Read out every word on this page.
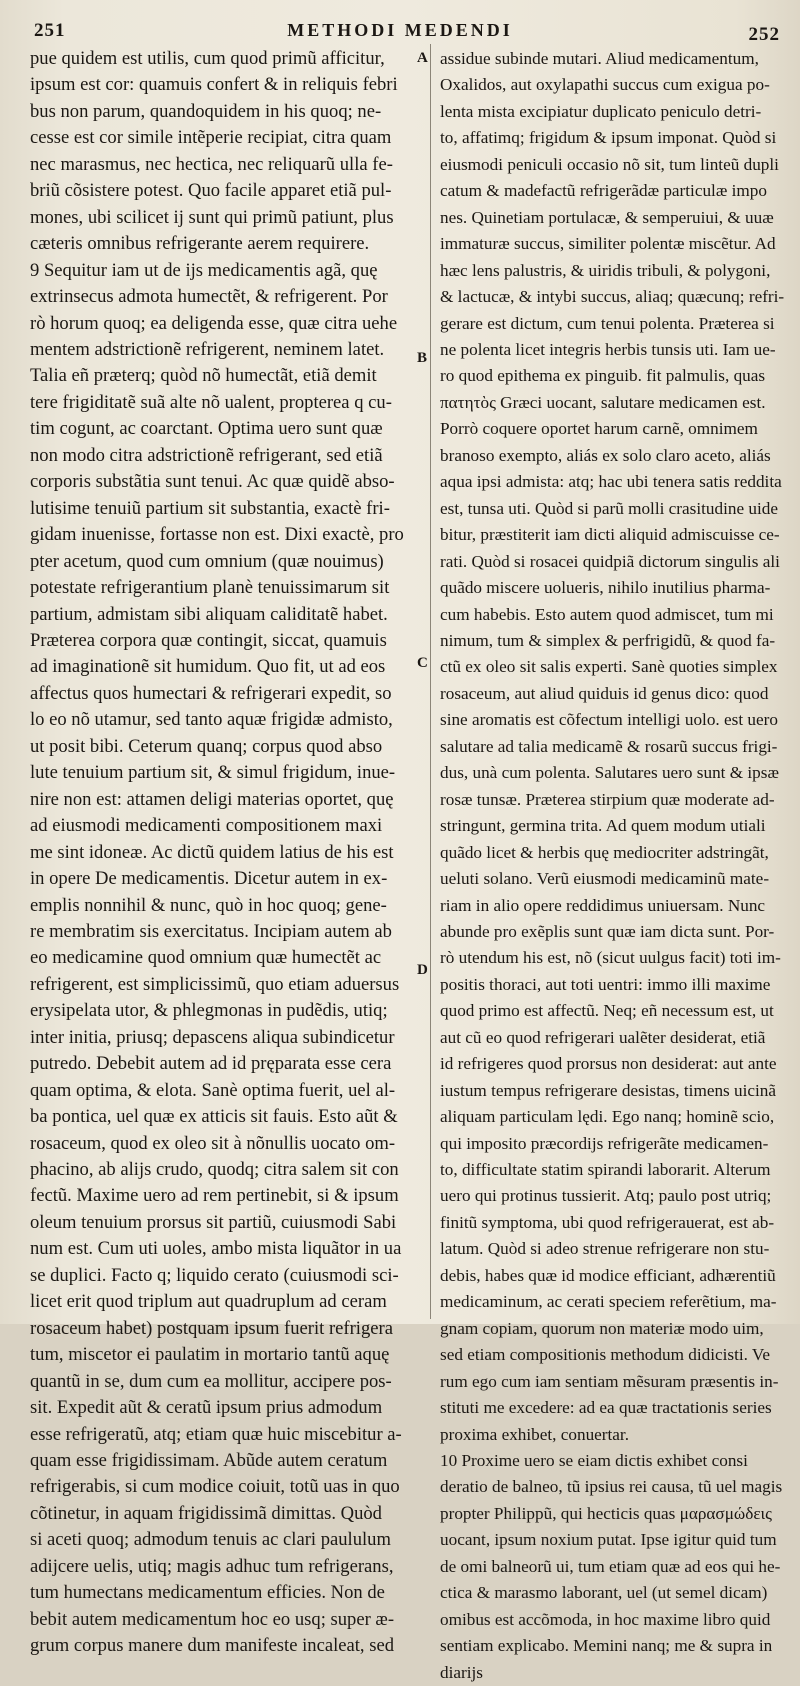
251	METHODI MEDENDI	252
A
B
C
D
pue quidem est utilis, cum quod primũ afficitur,
ipsum est cor: quamuis confert & in reliquis febri
bus non parum, quandoquidem in his quoq; ne-
cesse est cor simile intẽperie recipiat, citra quam
nec marasmus, nec hectica, nec reliquarũ ulla fe-
briũ cõsistere potest. Quo facile apparet etiã pul-
mones, ubi scilicet ij sunt qui primũ patiunt, plus
cæteris omnibus refrigerante aerem requirere.
9 Sequitur iam ut de ijs medicamentis agã, quę
extrinsecus admota humectẽt, & refrigerent. Por
rò horum quoq; ea deligenda esse, quæ citra uehe
mentem adstrictionẽ refrigerent, neminem latet.
Talia eñ præterq; quòd nõ humectãt, etiã demit
tere frigiditatẽ suã alte nõ ualent, propterea q cu-
tim cogunt, ac coarctant. Optima uero sunt quæ
non modo citra adstrictionẽ refrigerant, sed etiã
corporis substãtia sunt tenui. Ac quæ quidẽ abso-
lutisime tenuiũ partium sit substantia, exactè fri-
gidam inuenisse, fortasse non est. Dixi exactè, pro
pter acetum, quod cum omnium (quæ nouimus)
potestate refrigerantium planè tenuissimarum sit
partium, admistam sibi aliquam caliditatẽ habet.
Præterea corpora quæ contingit, siccat, quamuis
ad imaginationẽ sit humidum. Quo fit, ut ad eos
affectus quos humectari & refrigerari expedit, so
lo eo nõ utamur, sed tanto aquæ frigidæ admisto,
ut posit bibi. Ceterum quanq; corpus quod abso
lute tenuium partium sit, & simul frigidum, inue-
nire non est: attamen deligi materias oportet, quę
ad eiusmodi medicamenti compositionem maxi
me sint idoneæ. Ac dictũ quidem latius de his est
in opere De medicamentis. Dicetur autem in ex-
emplis nonnihil & nunc, quò in hoc quoq; gene-
re membratim sis exercitatus. Incipiam autem ab
eo medicamine quod omnium quæ humectẽt ac
refrigerent, est simplicissimũ, quo etiam aduersus
erysipelata utor, & phlegmonas in pudẽdis, utiq;
inter initia, priusq; depascens aliqua subindicetur
putredo. Debebit autem ad id pręparata esse cera
quam optima, & elota. Sanè optima fuerit, uel al-
ba pontica, uel quæ ex atticis sit fauis. Esto aũt &
rosaceum, quod ex oleo sit à nõnullis uocato om-
phacino, ab alijs crudo, quodq; citra salem sit con
fectũ. Maxime uero ad rem pertinebit, si & ipsum
oleum tenuium prorsus sit partiũ, cuiusmodi Sabi
num est. Cum uti uoles, ambo mista liquãtor in ua
se duplici. Facto q; liquido cerato (cuiusmodi sci-
licet erit quod triplum aut quadruplum ad ceram
rosaceum habet) postquam ipsum fuerit refrigera
tum, miscetor ei paulatim in mortario tantũ aquę
quantũ in se, dum cum ea mollitur, accipere pos-
sit. Expedit aũt & ceratũ ipsum prius admodum
esse refrigeratũ, atq; etiam quæ huic miscebitur a-
quam esse frigidissimam. Abũde autem ceratum
refrigerabis, si cum modice coiuit, totũ uas in quo
cõtinetur, in aquam frigidissimã dimittas. Quòd
si aceti quoq; admodum tenuis ac clari paululum
adijcere uelis, utiq; magis adhuc tum refrigerans,
tum humectans medicamentum efficies. Non de
bebit autem medicamentum hoc eo usq; super æ-
grum corpus manere dum manifeste incaleat, sed
assidue subinde mutari. Aliud medicamentum,
Oxalidos, aut oxylapathi succus cum exigua po-
lenta mista excipiatur duplicato peniculo detri-
to, affatimq; frigidum & ipsum imponat. Quòd si
eiusmodi peniculi occasio nõ sit, tum linteũ dupli
catum & madefactũ refrigerãdæ particulæ impo
nes. Quinetiam portulacæ, & semperuiui, & uuæ
immaturæ succus, similiter polentæ miscẽtur. Ad
hæc lens palustris, & uiridis tribuli, & polygoni,
& lactucæ, & intybi succus, aliaq; quæcunq; refri-
gerare est dictum, cum tenui polenta. Præterea si
ne polenta licet integris herbis tunsis uti. Iam ue-
ro quod epithema ex pinguib. fit palmulis, quas
πατητὸς Græci uocant, salutare medicamen est.
Porrò coquere oportet harum carnẽ, omnimem
branoso exempto, aliás ex solo claro aceto, aliás
aqua ipsi admista: atq; hac ubi tenera satis reddita
est, tunsa uti. Quòd si parũ molli crasitudine uide
bitur, præstiterit iam dicti aliquid admiscuisse ce-
rati. Quòd si rosacei quidpiã dictorum singulis ali
quãdo miscere uolueris, nihilo inutilius pharma-
cum habebis. Esto autem quod admiscet, tum mi
nimum, tum & simplex & perfrigidũ, & quod fa-
ctũ ex oleo sit salis experti. Sanè quoties simplex
rosaceum, aut aliud quiduis id genus dico: quod
sine aromatis est cõfectum intelligi uolo. est uero
salutare ad talia medicamẽ & rosarũ succus frigi-
dus, unà cum polenta. Salutares uero sunt & ipsæ
rosæ tunsæ. Præterea stirpium quæ moderate ad-
stringunt, germina trita. Ad quem modum utiali
quãdo licet & herbis quę mediocriter adstringãt,
ueluti solano. Verũ eiusmodi medicaminũ mate-
riam in alio opere reddidimus uniuersam. Nunc
abunde pro exẽplis sunt quæ iam dicta sunt. Por-
rò utendum his est, nõ (sicut uulgus facit) toti im-
positis thoraci, aut toti uentri: immo illi maxime
quod primo est affectũ. Neq; eñ necessum est, ut
aut cũ eo quod refrigerari ualẽter desiderat, etiã
id refrigeres quod prorsus non desiderat: aut ante
iustum tempus refrigerare desistas, timens uicinã
aliquam particulam lędi. Ego nanq; hominẽ scio,
qui imposito præcordijs refrigerãte medicamen-
to, difficultate statim spirandi laborarit. Alterum
uero qui protinus tussierit. Atq; paulo post utriq;
finitũ symptoma, ubi quod refrigerauerat, est ab-
latum. Quòd si adeo strenue refrigerare non stu-
debis, habes quæ id modice efficiant, adhærentiũ
medicaminum, ac cerati speciem referẽtium, ma-
gnam copiam, quorum non materiæ modo uim,
sed etiam compositionis methodum didicisti. Ve
rum ego cum iam sentiam mẽsuram præsentis in-
stituti me excedere: ad ea quæ tractationis series
proxima exhibet, conuertar.
10 Proxime uero se eiam dictis exhibet consi
deratio de balneo, tũ ipsius rei causa, tũ uel magis
propter Philippũ, qui hecticis quas μαρασμώδεις
uocant, ipsum noxium putat. Ipse igitur quid tum
de omi balneorũ ui, tum etiam quæ ad eos qui he-
ctica & marasmo laborant, uel (ut semel dicam)
omibus est accõmoda, in hoc maxime libro quid
sentiam explicabo. Memini nanq; me & supra in
diarijs
